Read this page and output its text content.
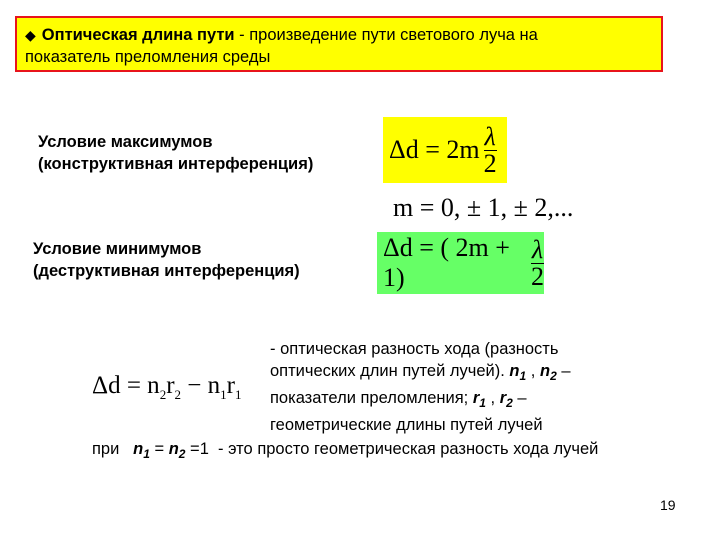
◆ Оптическая длина пути - произведение пути светового луча на
показатель преломления среды
Условие максимумов
(конструктивная интерференция)	$\Delta d = 2m \frac{\lambda}{2}$
m = 0, ± 1, ± 2,...
Условие минимумов
(деструктивная интерференция)
Δd = ( 2m + 1)	$\frac{\lambda}{2}$
$\Delta d = n_2r_2 - n_1r_1$
- оптическая разность хода (разность
оптических длин путей лучей). $n_1$ , $n_2$ –
показатели преломления; $r_1$ , $r_2$ –
геометрические длины путей лучей
при $n_1 = n_2 =1$ - это просто геометрическая разность хода лучей
19
